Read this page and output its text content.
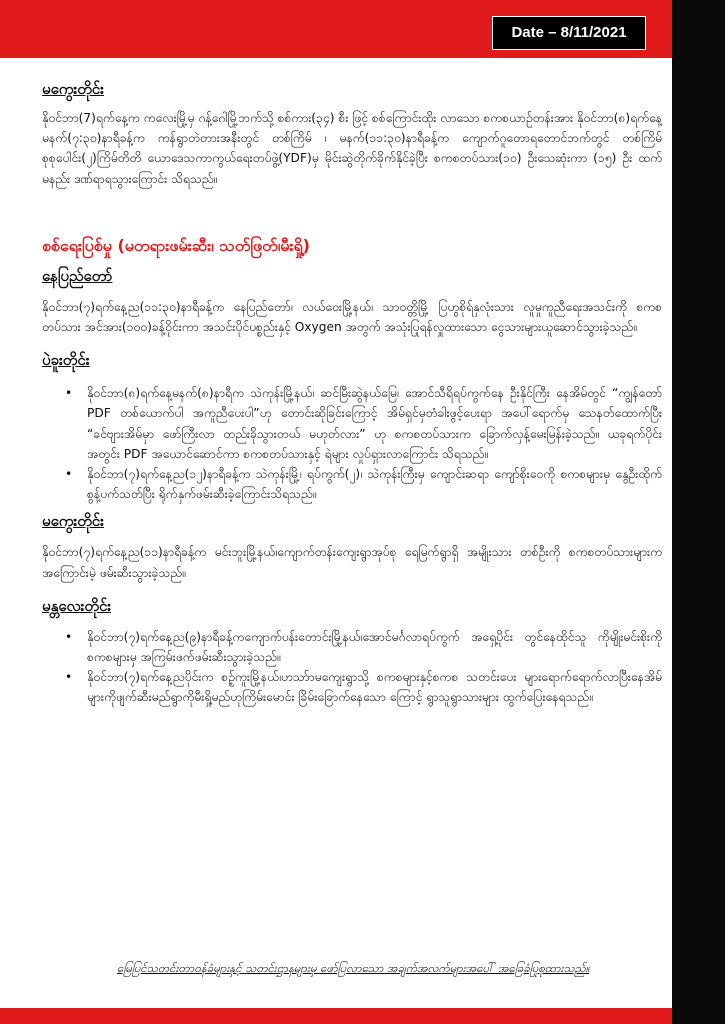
Date – 8/11/2021
မကွေးတိုင်း

နိုဝင်ဘာ(7)ရက်နေ့က ကလေးမြို့မှ ဂန့်ဂေါမြို့ဘက်သို့ စစ်ကား(၃၄) စီး ဖြင့် စစ်ကြောင်းထိုး လာသော စကစယာဉ်တန်းအား နိုဝင်ဘာ(၈)ရက်နေ့မနက်(၇:၃၀)နာရီခန့်က ကန်ရွာတဲတားအနီးတွင် တစ်ကြိမ် ၊ မနက်(၁၁:၃၀)နာရီခန့်က ကျောက်ဂူတောရတောင်ဘက်တွင် တစ်ကြိမ် စုစုပေါင်း(၂)ကြိမ်တိတိ ယောဒေသကာကွယ်ရေးတပ်ဖွဲ့(YDF)မှ မိုင်းဆွဲတိုက်ခိုက်နိုင်ခဲ့ပြီး စကစတပ်သား(၁၀) ဦးသေဆုံးကာ (၁၅) ဦး ထက်မနည်း ဒဏ်ရာရသွားကြောင်း သိရသည်။

စစ်ရေးပြစ်မှု (မတရားဖမ်းဆီး၊ သတ်ဖြတ်၊မီးရှို့)
နေပြည်တော်

နိုဝင်ဘာ(၇)ရက်နေ့ည(၁၁:၃၀)နာရီခန့်က နေပြည်တော်၊ လယ်ဝေးမြို့နယ်၊ သာဝတ္တိမြို့ ပြဟွစိုရ်နှလုံးသား လူမှုကူညီရေးအသင်းကို စကစတပ်သား အင်အား(၁၀၀)ခန့်ဝိုင်းကာ အသင်းပိုင်ပစ္စည်းနှင့် Oxygen အတွက် အသုံးပြုရန်လှူထားသော ငွေသားများယူဆောင်သွားခဲ့သည်။

ပဲခူးတိုင်း
• နိုဝင်ဘာ(၈)ရက်နေ့မနက်(၈)နာရီက သဲကုန်းမြို့နယ်၊ ဆင်မြီးဆွဲနယ်မြေ၊ အောင်သီရိရပ်ကွက်နေ ဦးနိုင်ကြီး နေအိမ်တွင် “ကျွန်တော် PDF တစ်ယောက်ပါ အကူညီပေးပါ”ဟု တောင်းဆိုခြင်းကြောင့် အိမ်ရှင်မှတံခါးဖွင့်ပေးရာ အပေါ်ရောက်မှ သေနတ်ထောက်ပြီး “ခင်ဗျားအိမ်မှာ ဖော်ကြီးလာ တည်းခိုသွားတယ် မဟုတ်လား” ဟု စကစတပ်သားက ခြောက်လှန့်မေးမြန်းခဲ့သည်။ ယခုရက်ပိုင်းအတွင်း PDF အယောင်ဆောင်ကာ စကစတပ်သားနှင့် ရဲများ လှုပ်ရှားလာကြောင်း သိရသည်။
• နိုဝင်ဘာ(၇)ရက်နေ့ည(၁၂)နာရီခန့်က သဲကုန်းမြို့၊ ရပ်ကွက်(၂)၊ သဲကုန်းကြီးမှ ကျောင်းဆရာ ကျော်စိုးဝေကို စကစများမှ နွေဦးထိုက်စွန့်ပက်သတ်ပြီး ရိုက်နှက်ဖမ်းဆီးခဲ့ကြောင်းသိရသည်။
မကွေးတိုင်း

နိုဝင်ဘာ(၇)ရက်နေ့ည(၁၁)နာရီခန့်က မင်းဘူးမြို့နယ်၊ကျောက်တန်းကျေးရွာအုပ်စု ရေမြက်ရွာရှိ အမျိုးသား တစ်ဦးကို စကစတပ်သားများက အကြောင်းမဲ့ ဖမ်းဆီးသွားခဲ့သည်။

မန္တလေးတိုင်း
• နိုဝင်ဘာ(၇)ရက်နေ့ည(၉)နာရီခန့်ကကျောက်ပန်းတောင်းမြို့နယ်၊အောင်မင်္ဂလာရပ်ကွက် အရှေ့ပိုင်း တွင်နေထိုင်သူ ကိုမျိုးမင်းစိုးကို စကစများမှ အကြမ်းဖက်ဖမ်းဆီးသွားခဲ့သည်။
• နိုဝင်ဘာ(၇)ရက်နေ့ညပိုင်းက စဉ့်ကူးမြို့နယ်၊ဟသာ်ာမကျေးရွာသို့ စကစများနှင့်စကစ သတင်းပေး များရောက်ရောက်လာပြီးနေအိမ်များကိုဖျက်ဆီးမည်ရွာကိုမီးရှို့မည်ဟုကြိမ်းမောင်း ခြိမ်းခြောက်နေသော ကြောင့် ရွာသူရွာသားများ ထွက်ပြေးနေရသည်။
မြေပြင်သတင်းတာဝန်ခံများနှင့် သတင်းဌာနများမှ ဖော်ပြလာသော အချက်အလက်များအပေါ် အခြေခံပြုစုထားသည်။
